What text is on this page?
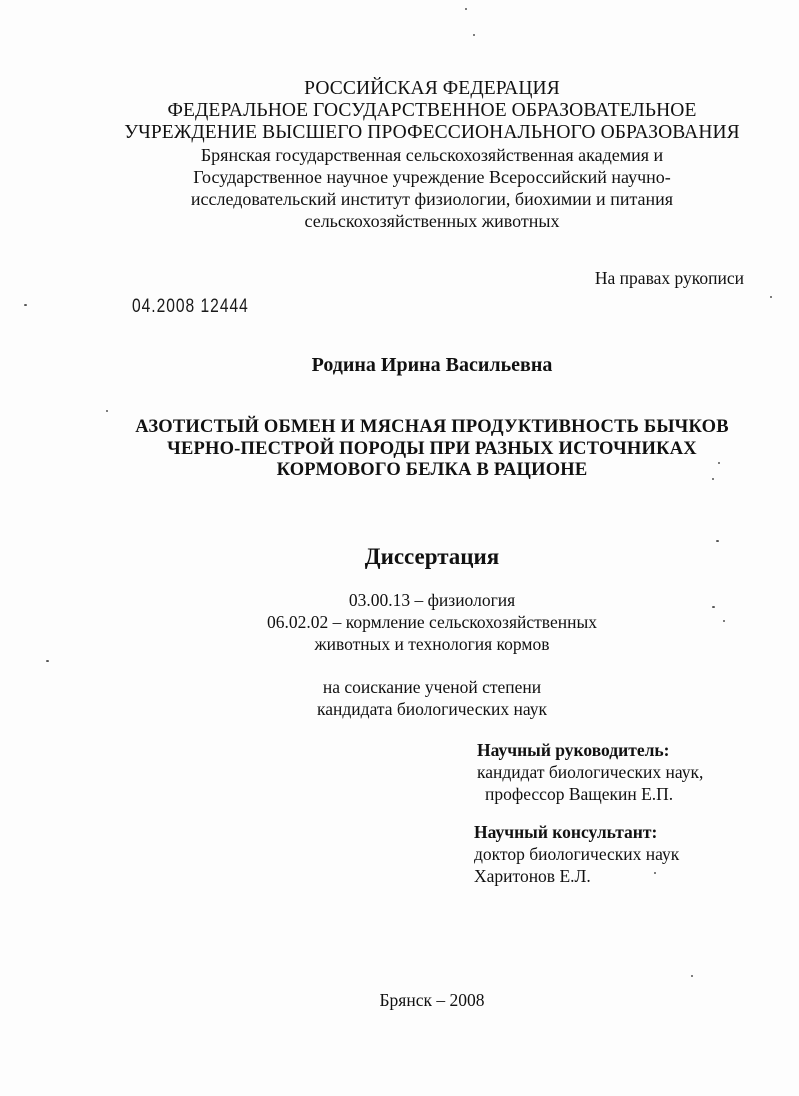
РОССИЙСКАЯ ФЕДЕРАЦИЯ
ФЕДЕРАЛЬНОЕ ГОСУДАРСТВЕННОЕ ОБРАЗОВАТЕЛЬНОЕ
УЧРЕЖДЕНИЕ ВЫСШЕГО ПРОФЕССИОНАЛЬНОГО ОБРАЗОВАНИЯ
Брянская государственная сельскохозяйственная академия и
Государственное научное учреждение Всероссийский научно-
исследовательский институт физиологии, биохимии и питания
сельскохозяйственных животных
На правах рукописи
04.2008 12444
Родина Ирина Васильевна
АЗОТИСТЫЙ ОБМЕН И МЯСНАЯ ПРОДУКТИВНОСТЬ БЫЧКОВ
ЧЕРНО-ПЕСТРОЙ ПОРОДЫ ПРИ РАЗНЫХ ИСТОЧНИКАХ
КОРМОВОГО БЕЛКА В РАЦИОНЕ
Диссертация
03.00.13 – физиология
06.02.02 – кормление сельскохозяйственных
животных и технология кормов
на соискание ученой степени
кандидата биологических наук
Научный руководитель:
кандидат биологических наук,
профессор Ващекин Е.П.
Научный консультант:
доктор биологических наук
Харитонов Е.Л.
Брянск – 2008
